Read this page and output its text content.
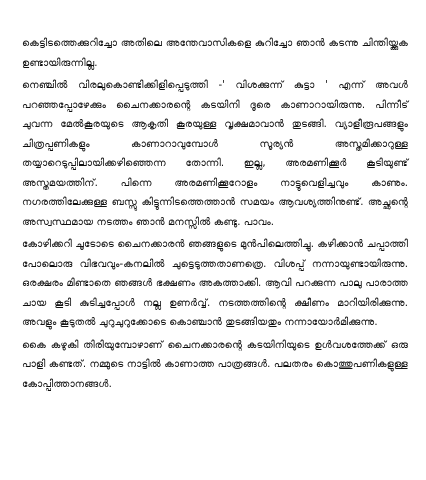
കെട്ടിടത്തെക്കുറിച്ചോ അതിലെ അന്തേവാസികളെ കുറിച്ചോ ഞാൻ കടന്നു ചിന്തിയ്ക്കുക ഉണ്ടായിരുന്നില്ല.

നെഞ്ചിൽ വിരലുകൊണ്ടിക്കിളിപ്പെടുത്തി -' വിശക്കുന്ന് കുട്ടാ ' എന്ന് അവൾ പറഞ്ഞപ്പോഴേക്കും ചൈനക്കാരന്റെ കടയിനി ദൂരെ കാണാറായിരുന്നു. പിന്നീട് ചുവന്ന മേൽകൂരയുടെ ആകൃതി കൂരയുള്ള വൃക്ഷമാവാൻ തുടങ്ങി. വ്യാളീരൂപങ്ങളും ചിത്രപ്പണികളും കാണാറാവുമ്പോൾ സൂര്യൻ അസ്തമിക്കാറുള്ള തയ്യാറെടുപ്പിലായിക്കഴിഞ്ഞെന്ന തോന്നി. ഇല്ല, അരമണിക്കൂർ കൂടിയുണ്ട് അസ്തമയത്തിന്. പിന്നെ അരമണിക്കൂറോളം നാട്ടുവെളിച്ചവും കാണും. നഗരത്തിലേക്കുള്ള ബസ്സു കിട്ടുന്നിടത്തെത്താൻ സമയം ആവശ്യത്തിനുണ്ട്. അച്ഛന്റെ അസ്വസ്ഥമായ നടത്തം ഞാൻ മനസ്സിൽ കണ്ടു. പാവം.

കോഴിക്കറി ചൂടോടെ ചൈനക്കാരൻ ഞങ്ങളുടെ മുൻപിലെത്തിച്ചു. കഴിക്കാൻ ചപ്പാത്തി പോലൊരു വിഭവവും-കനലിൽ ചുട്ടെടുത്തതാണത്രെ. വിശപ്പ് നന്നായുണ്ടായിരുന്നു. ഒരക്ഷരം മിണ്ടാതെ ഞങ്ങൾ ഭക്ഷണം അകത്താക്കി. ആവി പറക്കുന്ന പാലു പാരാത്ത ചായ കൂടി കുടിച്ചപ്പോൾ നല്ല ഉണർവ്വ്. നടത്തത്തിന്റെ ക്ഷീണം മാറിയിരിക്കുന്നു. അവളും കൂടുതൽ ചുറുചുറുക്കോടെ കൊഞ്ചാൻ തുടങ്ങിയതും നന്നായോർമിക്കുന്നു.

കൈ കഴുകി തിരിയുമ്പോഴാണ് ചൈനക്കാരന്റെ കടയിനിയുടെ ഉൾവശത്തേക്ക് ഒരു പാളി കണ്ടത്. നമ്മുടെ നാട്ടിൽ കാണാത്ത പാത്രങ്ങൾ. പലതരം കൊത്തുപണികളുള്ള കോപ്പിത്താനങ്ങൾ.
